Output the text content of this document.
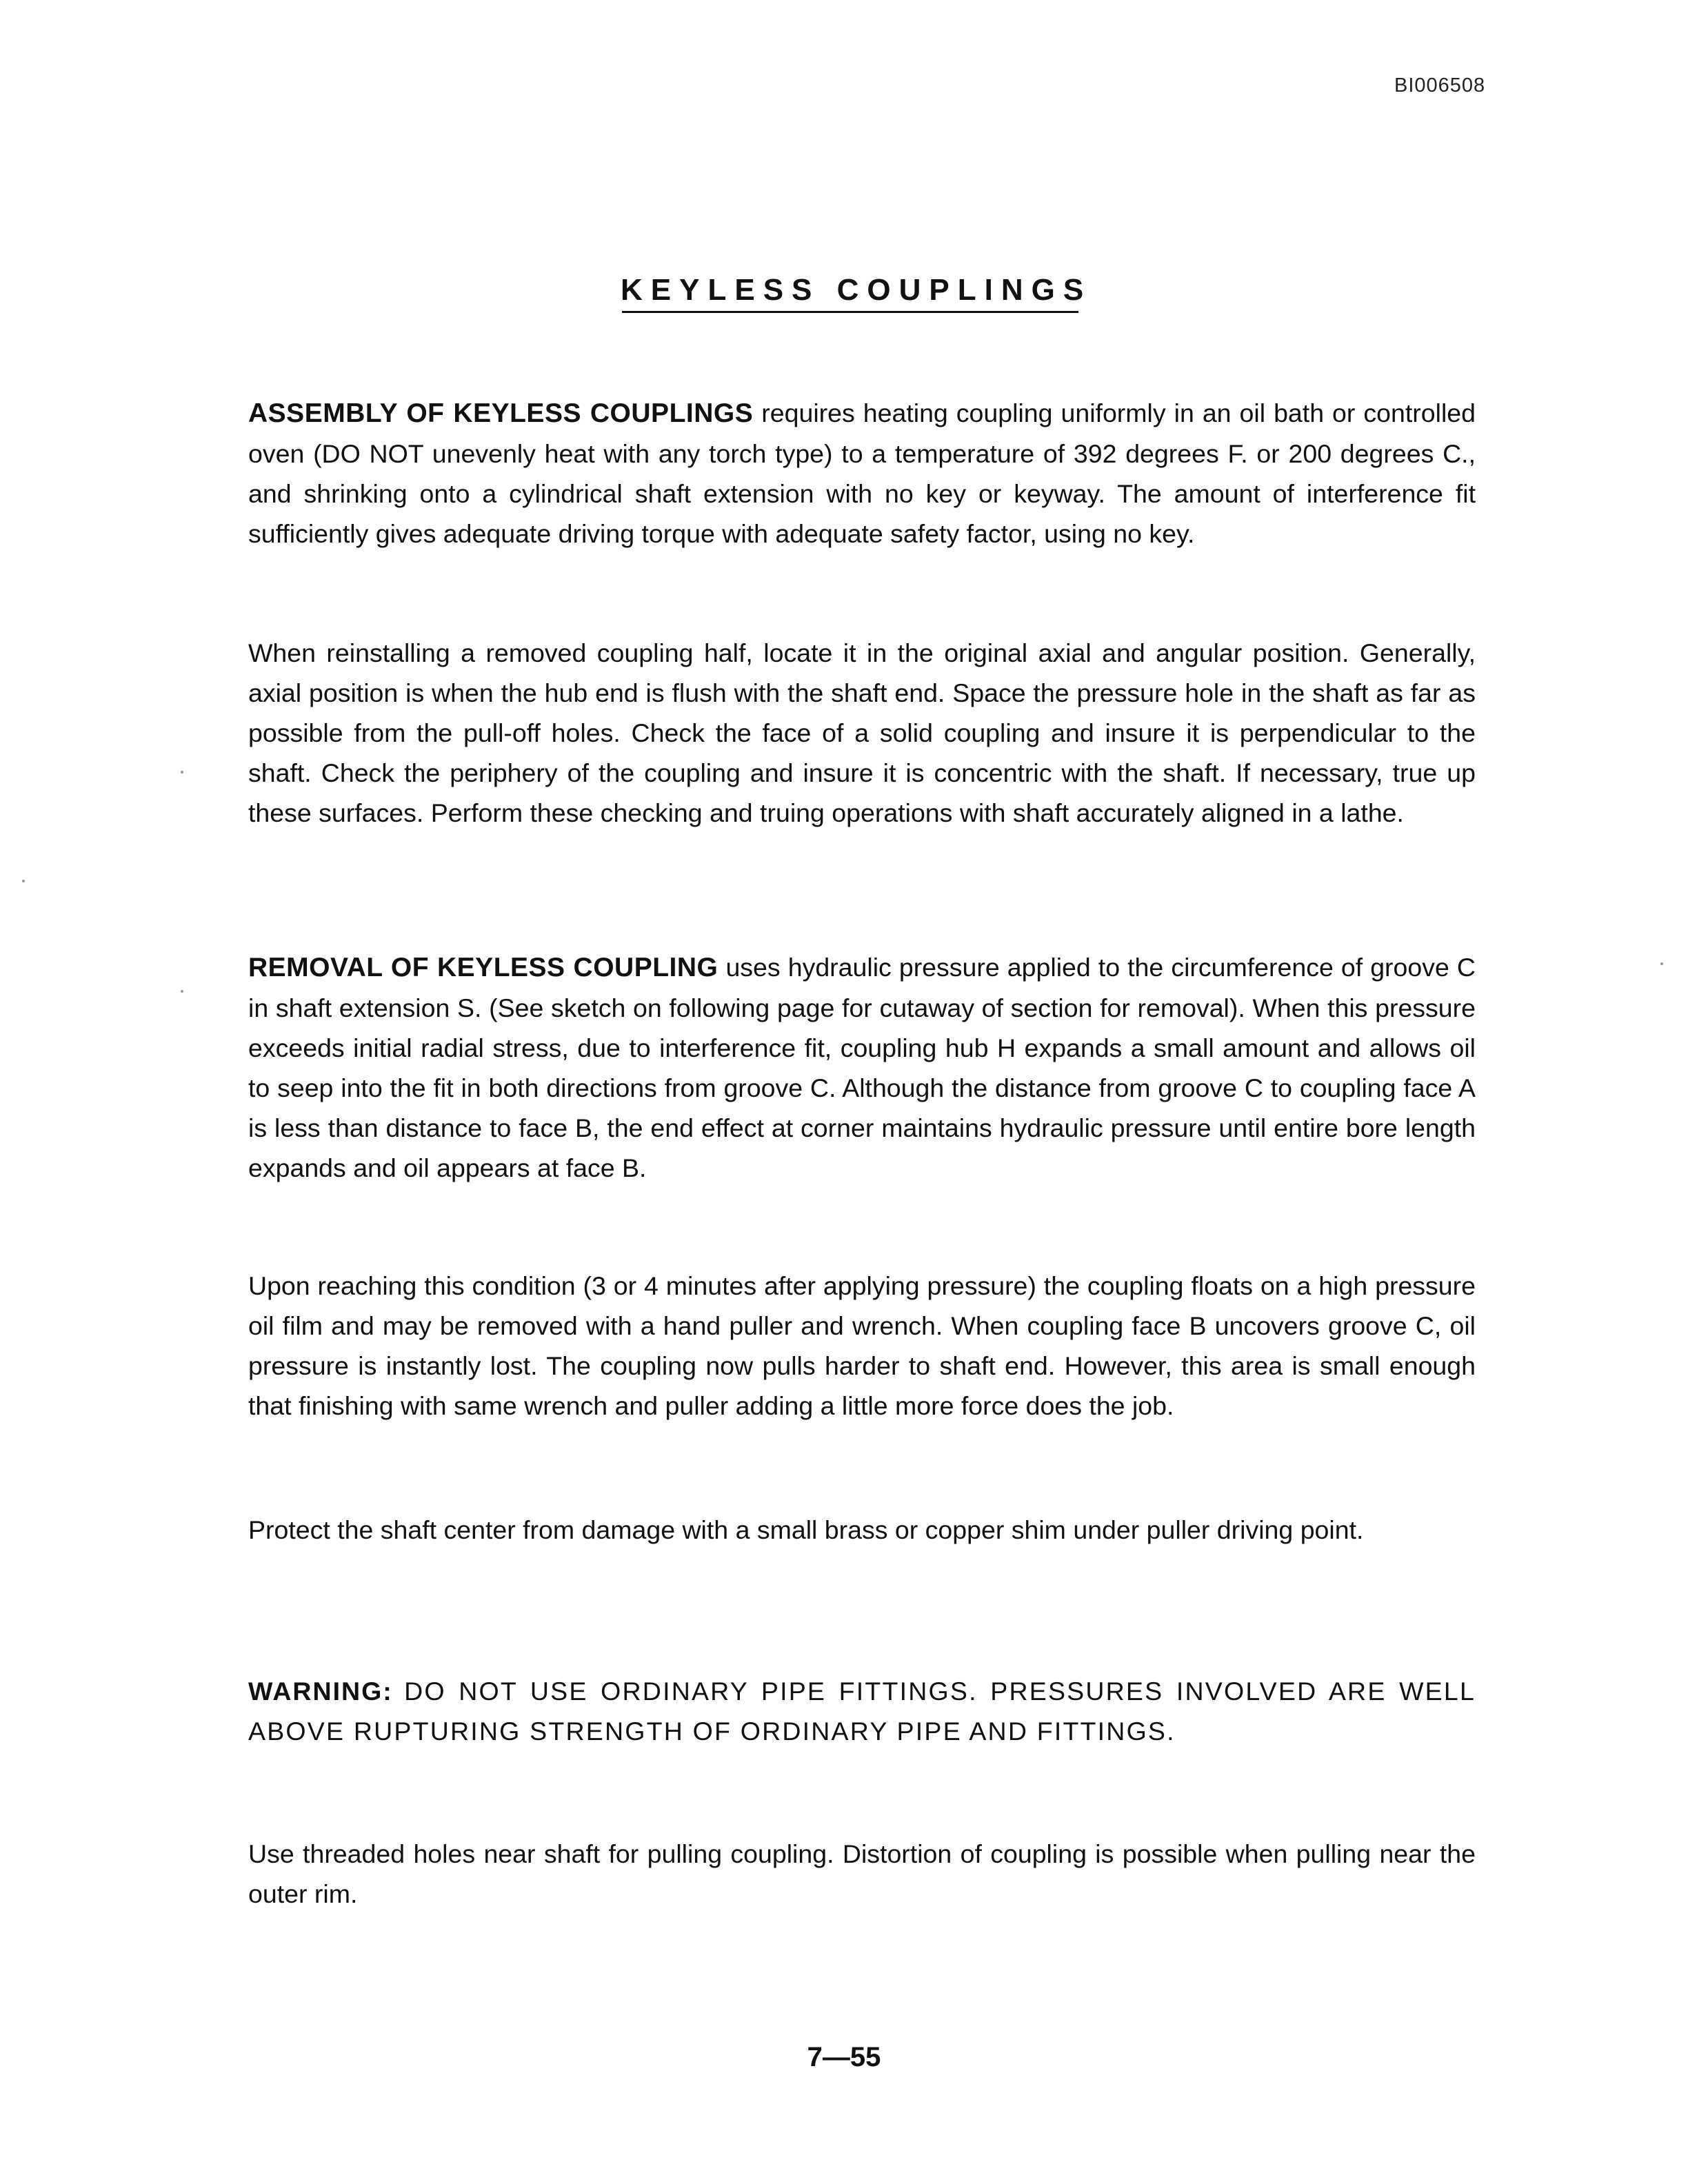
BI006508
KEYLESS COUPLINGS
ASSEMBLY OF KEYLESS COUPLINGS requires heating coupling uniformly in an oil bath or controlled oven (DO NOT unevenly heat with any torch type) to a temperature of 392 degrees F. or 200 degrees C., and shrinking onto a cylindrical shaft extension with no key or keyway. The amount of interference fit sufficiently gives adequate driving torque with adequate safety factor, using no key.
When reinstalling a removed coupling half, locate it in the original axial and angular position. Generally, axial position is when the hub end is flush with the shaft end. Space the pressure hole in the shaft as far as possible from the pull-off holes. Check the face of a solid coupling and insure it is perpendicular to the shaft. Check the periphery of the coupling and insure it is concentric with the shaft. If necessary, true up these surfaces. Perform these checking and truing operations with shaft accurately aligned in a lathe.
REMOVAL OF KEYLESS COUPLING uses hydraulic pressure applied to the circumference of groove C in shaft extension S. (See sketch on following page for cutaway of section for removal). When this pressure exceeds initial radial stress, due to interference fit, coupling hub H expands a small amount and allows oil to seep into the fit in both directions from groove C. Although the distance from groove C to coupling face A is less than distance to face B, the end effect at corner maintains hydraulic pressure until entire bore length expands and oil appears at face B.
Upon reaching this condition (3 or 4 minutes after applying pressure) the coupling floats on a high pressure oil film and may be removed with a hand puller and wrench. When coupling face B uncovers groove C, oil pressure is instantly lost. The coupling now pulls harder to shaft end. However, this area is small enough that finishing with same wrench and puller adding a little more force does the job.
Protect the shaft center from damage with a small brass or copper shim under puller driving point.
WARNING: DO NOT USE ORDINARY PIPE FITTINGS. PRESSURES INVOLVED ARE WELL ABOVE RUPTURING STRENGTH OF ORDINARY PIPE AND FITTINGS.
Use threaded holes near shaft for pulling coupling. Distortion of coupling is possible when pulling near the outer rim.
7—55
